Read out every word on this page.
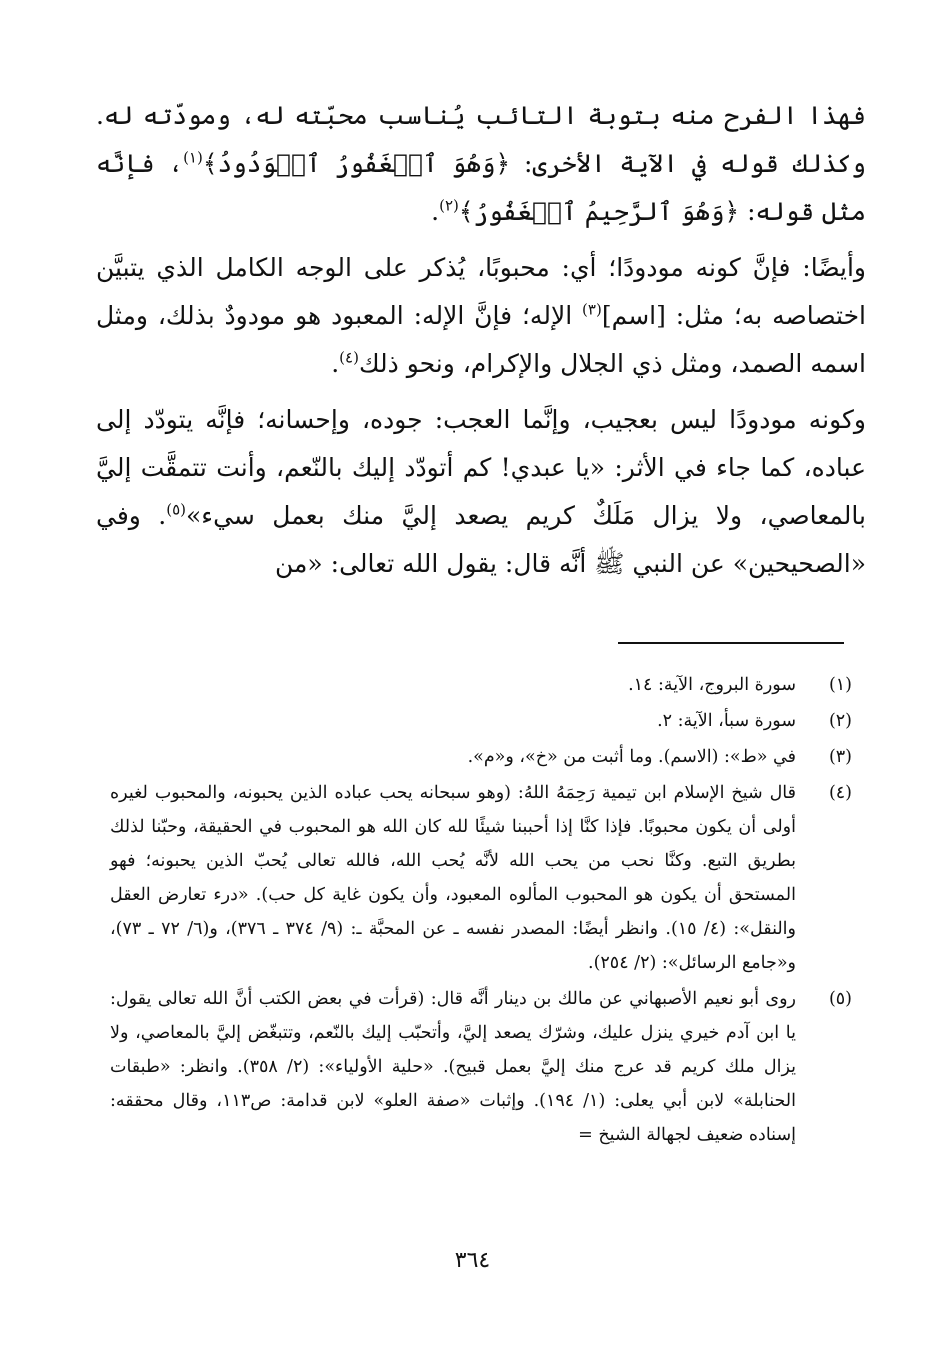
فهذا الفرح منه بتوبة التائب يُناسب محبّته له، ومودّته له. وكذلك قوله في الآية الأخرى: ﴿وَهُوَ ٱلۡغَفُورُ ٱلۡوَدُودُ﴾$^{(١)}$، فإنَّه مثل قوله: ﴿وَهُوَ ٱلرَّحِيمُ ٱلۡغَفُورُ﴾$^{(٢)}$.

وأيضًا: فإنَّ كونه مودودًا؛ أي: محبوبًا، يُذكر على الوجه الكامل الذي يتبيَّن اختصاصه به؛ مثل: [اسم]$^{(٣)}$ الإله؛ فإنَّ الإله: المعبود هو مودودٌ بذلك، ومثل اسمه الصمد، ومثل ذي الجلال والإكرام، ونحو ذلك$^{(٤)}$.

وكونه مودودًا ليس بعجيب، وإنَّما العجب: جوده، وإحسانه؛ فإنَّه يتودّد إلى عباده، كما جاء في الأثر: «يا عبدي! كم أتودّد إليك بالنّعم، وأنت تتمقَّت إليَّ بالمعاصي، ولا يزال مَلَكٌ كريم يصعد إليَّ منك بعمل سيء»$^{(٥)}$. وفي «الصحيحين» عن النبي ﷺ أنَّه قال: يقول الله تعالى: «من

(١)
سورة البروج، الآية: ١٤.
(٢)
سورة سبأ، الآية: ٢.
(٣)
في «ط»: (الاسم). وما أثبت من «خ»، و«م».
(٤)
قال شيخ الإسلام ابن تيمية رَحِمَهُ اللهُ: (وهو سبحانه يحب عباده الذين يحبونه، والمحبوب لغيره أولى أن يكون محبوبًا. فإذا كنَّا إذا أحببنا شيئًا لله كان الله هو المحبوب في الحقيقة، وحبّنا لذلك بطريق التبع. وكنَّا نحب من يحب الله لأنَّه يُحب الله، فالله تعالى يُحبّ الذين يحبونه؛ فهو المستحق أن يكون هو المحبوب المألوه المعبود، وأن يكون غاية كل حب). «درء تعارض العقل والنقل»: (٤/ ١٥). وانظر أيضًا: المصدر نفسه ـ عن المحبَّة ـ: (٩/ ٣٧٤ ـ ٣٧٦)، و(٦/ ٧٢ ـ ٧٣)، و«جامع الرسائل»: (٢/ ٢٥٤).
(٥)
روى أبو نعيم الأصبهاني عن مالك بن دينار أنَّه قال: (قرأت في بعض الكتب أنَّ الله تعالى يقول: يا ابن آدم خيري ينزل عليك، وشرّك يصعد إليَّ، وأتحبّب إليك بالنّعم، وتتبغّض إليَّ بالمعاصي، ولا يزال ملك كريم قد عرج منك إليَّ بعمل قبيح). «حلية الأولياء»: (٢/ ٣٥٨). وانظر: «طبقات الحنابلة» لابن أبي يعلى: (١/ ١٩٤). وإثبات «صفة العلو» لابن قدامة: ص١١٣، وقال محققه: إسناده ضعيف لجهالة الشيخ =
٣٦٤
